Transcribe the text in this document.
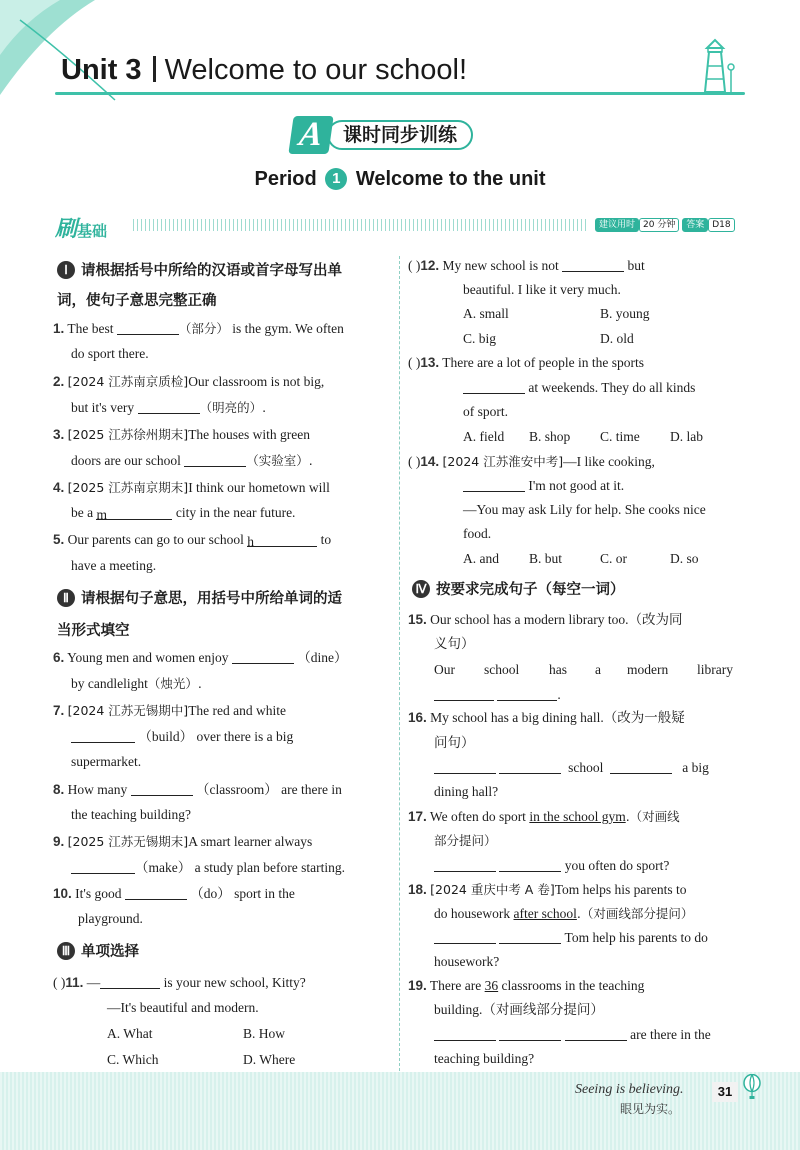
Unit 3 Welcome to our school!
课时同步训练
A
Period 1 Welcome to the unit
刷基础	建议用时 20 分钟 答案 D18
Ⅰ 请根据括号中所给的汉语或首字母写出单
词，使句子意思完整正确
1. The best	（部分） is the gym. We often
do sport there.
2. [2024 江苏南京质检]Our classroom is not big,
but it's very	（明亮的）.
3. [2025 江苏徐州期末]The houses with green
doors are our school	（实验室）.
4. [2025 江苏南京期末]I think our hometown will
be a m	city in the near future.
5. Our parents can go to our school h	to
have a meeting.
Ⅱ 请根据句子意思，用括号中所给单词的适
当形式填空
6. Young men and women enjoy	（dine）
by candlelight（烛光）.
7. [2024 江苏无锡期中]The red and white
（build） over there is a big
supermarket.
8. How many	（classroom） are there in
the teaching building?
9. [2025 江苏无锡期末]A smart learner always
（make） a study plan before starting.
10. It's good	（do） sport in the
playground.
Ⅲ 单项选择
( )11. —	is your new school, Kitty?
—It's beautiful and modern.
A. What	B. How
C. Which	D. Where
( )12. My new school is not	but
beautiful. I like it very much.
A. small	B. young
C. big	D. old
( )13. There are a lot of people in the sports
at weekends. They do all kinds
of sport.
A. field B. shop C. time D. lab
( )14. [2024 江苏淮安中考]—I like cooking,
I'm not good at it.
—You may ask Lily for help. She cooks nice
food.
A. and B. but	C. or	D. so
Ⅳ 按要求完成句子（每空一词）
15. Our school has a modern library too.（改为同
义句）
Our school has a modern library
.
16. My school has a big dining hall.（改为一般疑
问句）
school	a big
dining hall?
17. We often do sport in the school gym.（对画线
部分提问）
you often do sport?
18. [2024 重庆中考 A 卷]Tom helps his parents to
do housework after school.（对画线部分提问）
Tom help his parents to do
housework?
19. There are 36 classrooms in the teaching
building.（对画线部分提问）
are there in the
teaching building?
Seeing is believing.
眼见为实。
31
